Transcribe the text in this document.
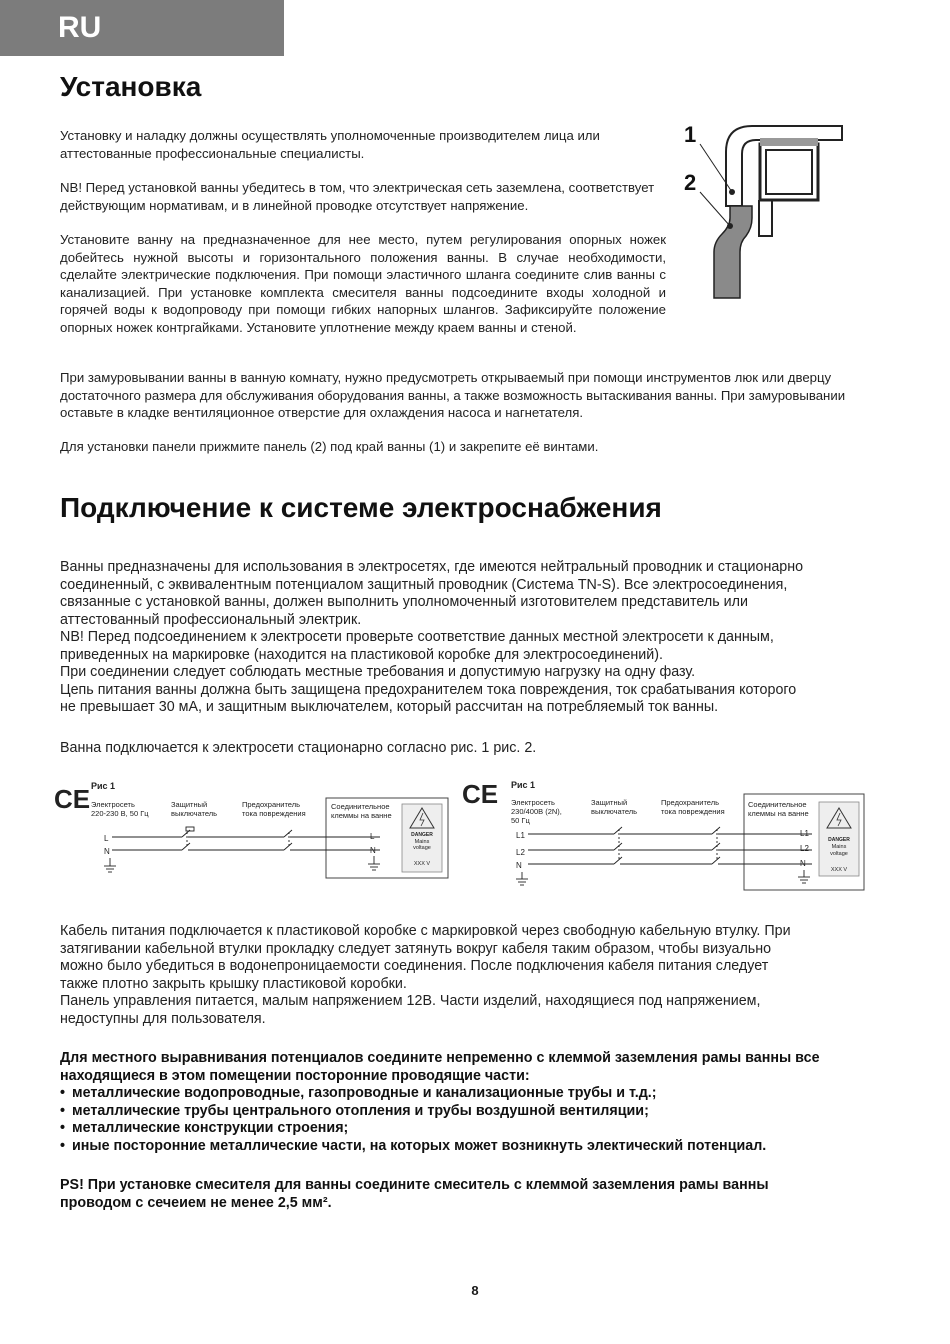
RU
Установка

Установку и наладку должны осуществлять уполномоченные производителем лица или аттестованные профессиональные специалисты.

NB! Перед установкой ванны убедитесь в том, что электрическая сеть заземлена, соответствует действующим нормативам, и в линейной проводке отсутствует напряжение.

Установите ванну на предназначенное для нее место, путем регулирования опорных ножек добейтесь нужной высоты и горизонтального положения ванны. В случае необходимости, сделайте электрические подключения. При помощи эластичного шланга соедините слив ванны с канализацией. При установке комплекта смесителя ванны подсоедините входы холодной и горячей воды к водопроводу при помощи гибких напорных шлангов. Зафиксируйте положение опорных ножек контргайками. Установите уплотнение между краем ванны и стеной.

При замуровывании ванны в ванную комнату, нужно предусмотреть открываемый при помощи инструментов люк или дверцу достаточного размера для обслуживания оборудования ванны, а также возможность вытаскивания ванны. При замуровывании оставьте в кладке вентиляционное отверстие для охлаждения насоса и нагнетателя.

Для установки панели прижмите панель (2) под край ванны (1) и закрепите её винтами.

1
2
Подключение к системе электроснабжения
Ванны предназначены для использования в электросетях, где имеются нейтральный проводник и стационарно
соединенный, с эквивалентным потенциалом защитный проводник (Система TN-S). Все электросоединения,
связанные с установкой ванны, должен выполнить уполномоченный изготовителем представитель или
аттестованный профессиональный электрик.
NB! Перед подсоединением к электросети проверьте соответствие данных местной электросети к данным,
приведенных на маркировке (находится на пластиковой коробке для электросоединений).
При соединении следует соблюдать местные требования и допустимую нагрузку на одну фазу.
Цепь питания ванны должна быть защищена предохранителем тока повреждения, ток срабатывания которого
не превышает 30 мА, и защитным выключателем, который рассчитан на потребляемый ток ванны.

Ванна подключается к электросети стационарно согласно рис. 1 рис. 2.

CE Рис 1
Электросеть
220-230 В, 50 Гц
Защитный
выключатель
Предохранитель
тока повреждения
Соединительное
клеммы на ванне
DANGER
Mains
voltage
XXX V
L
N
L
N
CE Рис 1
Электросеть
230/400В (2N),
50 Гц
Защитный
выключатель
Предохранитель
тока повреждения
Соединительное
клеммы на ванне
DANGER
Mains
voltage
XXX V
L1
L2
N
L1
L2
N
Кабель питания подключается к пластиковой коробке с маркировкой через свободную кабельную втулку. При
затягивании кабельной втулки прокладку следует затянуть вокруг кабеля таким образом, чтобы визуально
можно было убедиться в водонепроницаемости соединения. После подключения кабеля питания следует
также плотно закрыть крышку пластиковой коробки.
Панель управления питается, малым напряжением 12В. Части изделий, находящиеся под напряжением,
недоступны для пользователя.
Для местного выравнивания потенциалов соедините непременно с клеммой заземления рамы ванны все
находящиеся в этом помещении посторонние проводящие части:
• металлические водопроводные, газопроводные и канализационные трубы и т.д.;
• металлические трубы центрального отопления и трубы воздушной вентиляции;
• металлические конструкции строения;
• иные посторонние металлические части, на которых может возникнуть электический потенциал.
PS! При установке смесителя для ванны соедините смеситель с клеммой заземления рамы ванны
проводом с сечеием не менее 2,5 мм².
8
